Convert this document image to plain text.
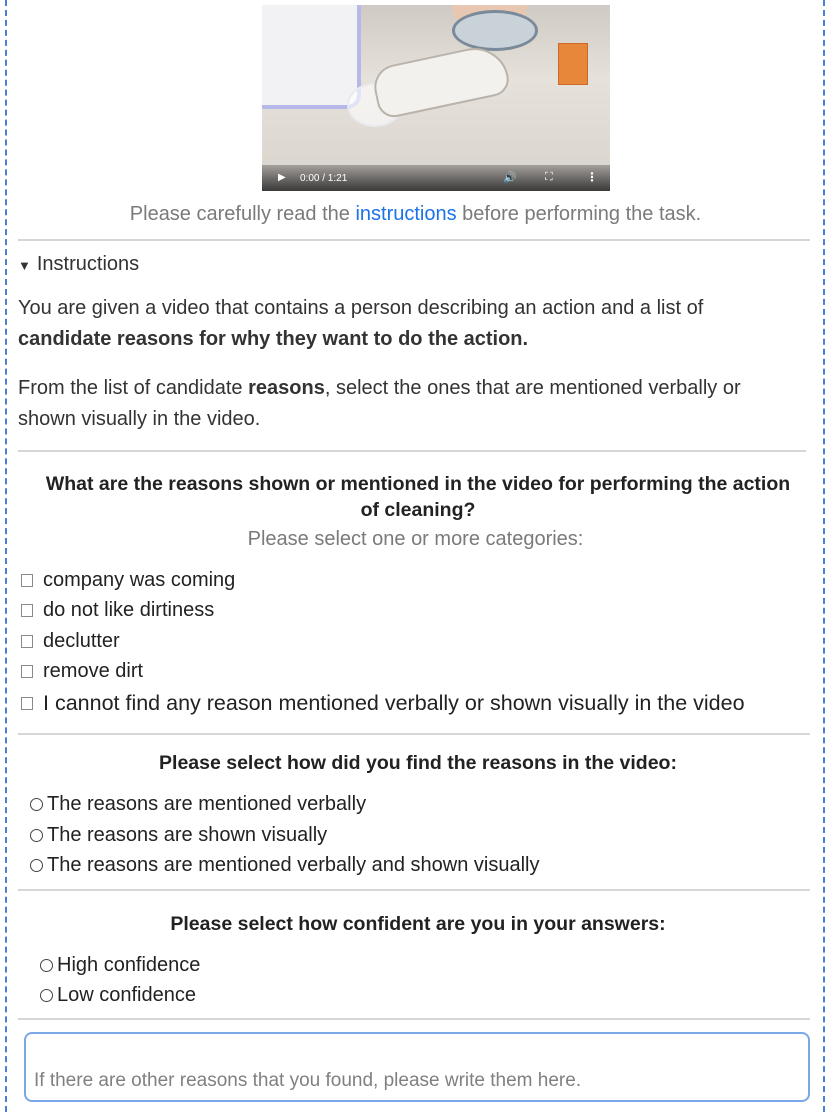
▶ 0:00 / 1:21	🔊	⛶	⋮
Please carefully read the instructions before performing the task.
▼ Instructions
You are given a video that contains a person describing an action and a list of candidate reasons for why they want to do the action.
From the list of candidate reasons, select the ones that are mentioned verbally or shown visually in the video.
What are the reasons shown or mentioned in the video for performing the action of cleaning?
Please select one or more categories:
company was coming
do not like dirtiness
declutter
remove dirt
I cannot find any reason mentioned verbally or shown visually in the video
Please select how did you find the reasons in the video:
The reasons are mentioned verbally
The reasons are shown visually
The reasons are mentioned verbally and shown visually
Please select how confident are you in your answers:
High confidence
Low confidence
If there are other reasons that you found, please write them here.
